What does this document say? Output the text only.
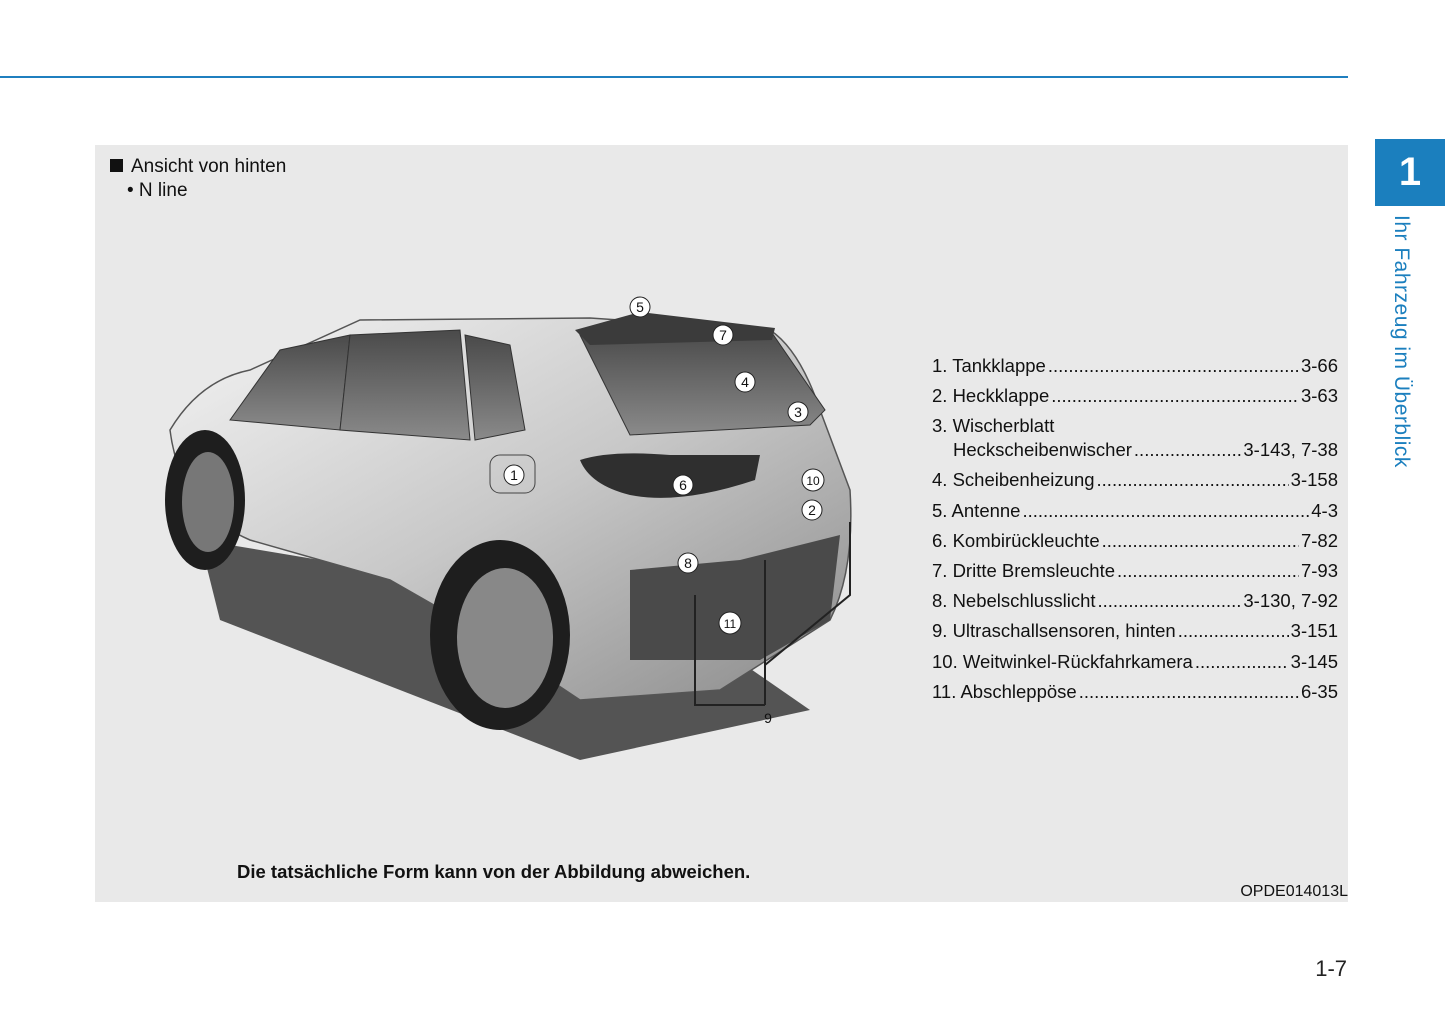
Ansicht von hinten
• N line
1
2
3
4
5
6
7
8
9
10
11
1. Tankklappe .....	3-66
2. Heckklappe .....	3-63
3. Wischerblatt
Heckscheibenwischer .....	3-143, 7-38
4. Scheibenheizung .....	3-158
5. Antenne .....	4-3
6. Kombirückleuchte .....	7-82
7. Dritte Bremsleuchte .....	7-93
8. Nebelschlusslicht .....	3-130, 7-92
9. Ultraschallsensoren, hinten .....	3-151
10. Weitwinkel-Rückfahrkamera .....	3-145
11. Abschleppöse .....	6-35
Die tatsächliche Form kann von der Abbildung abweichen.
OPDE014013L
1
Ihr Fahrzeug im Überblick
1-7
